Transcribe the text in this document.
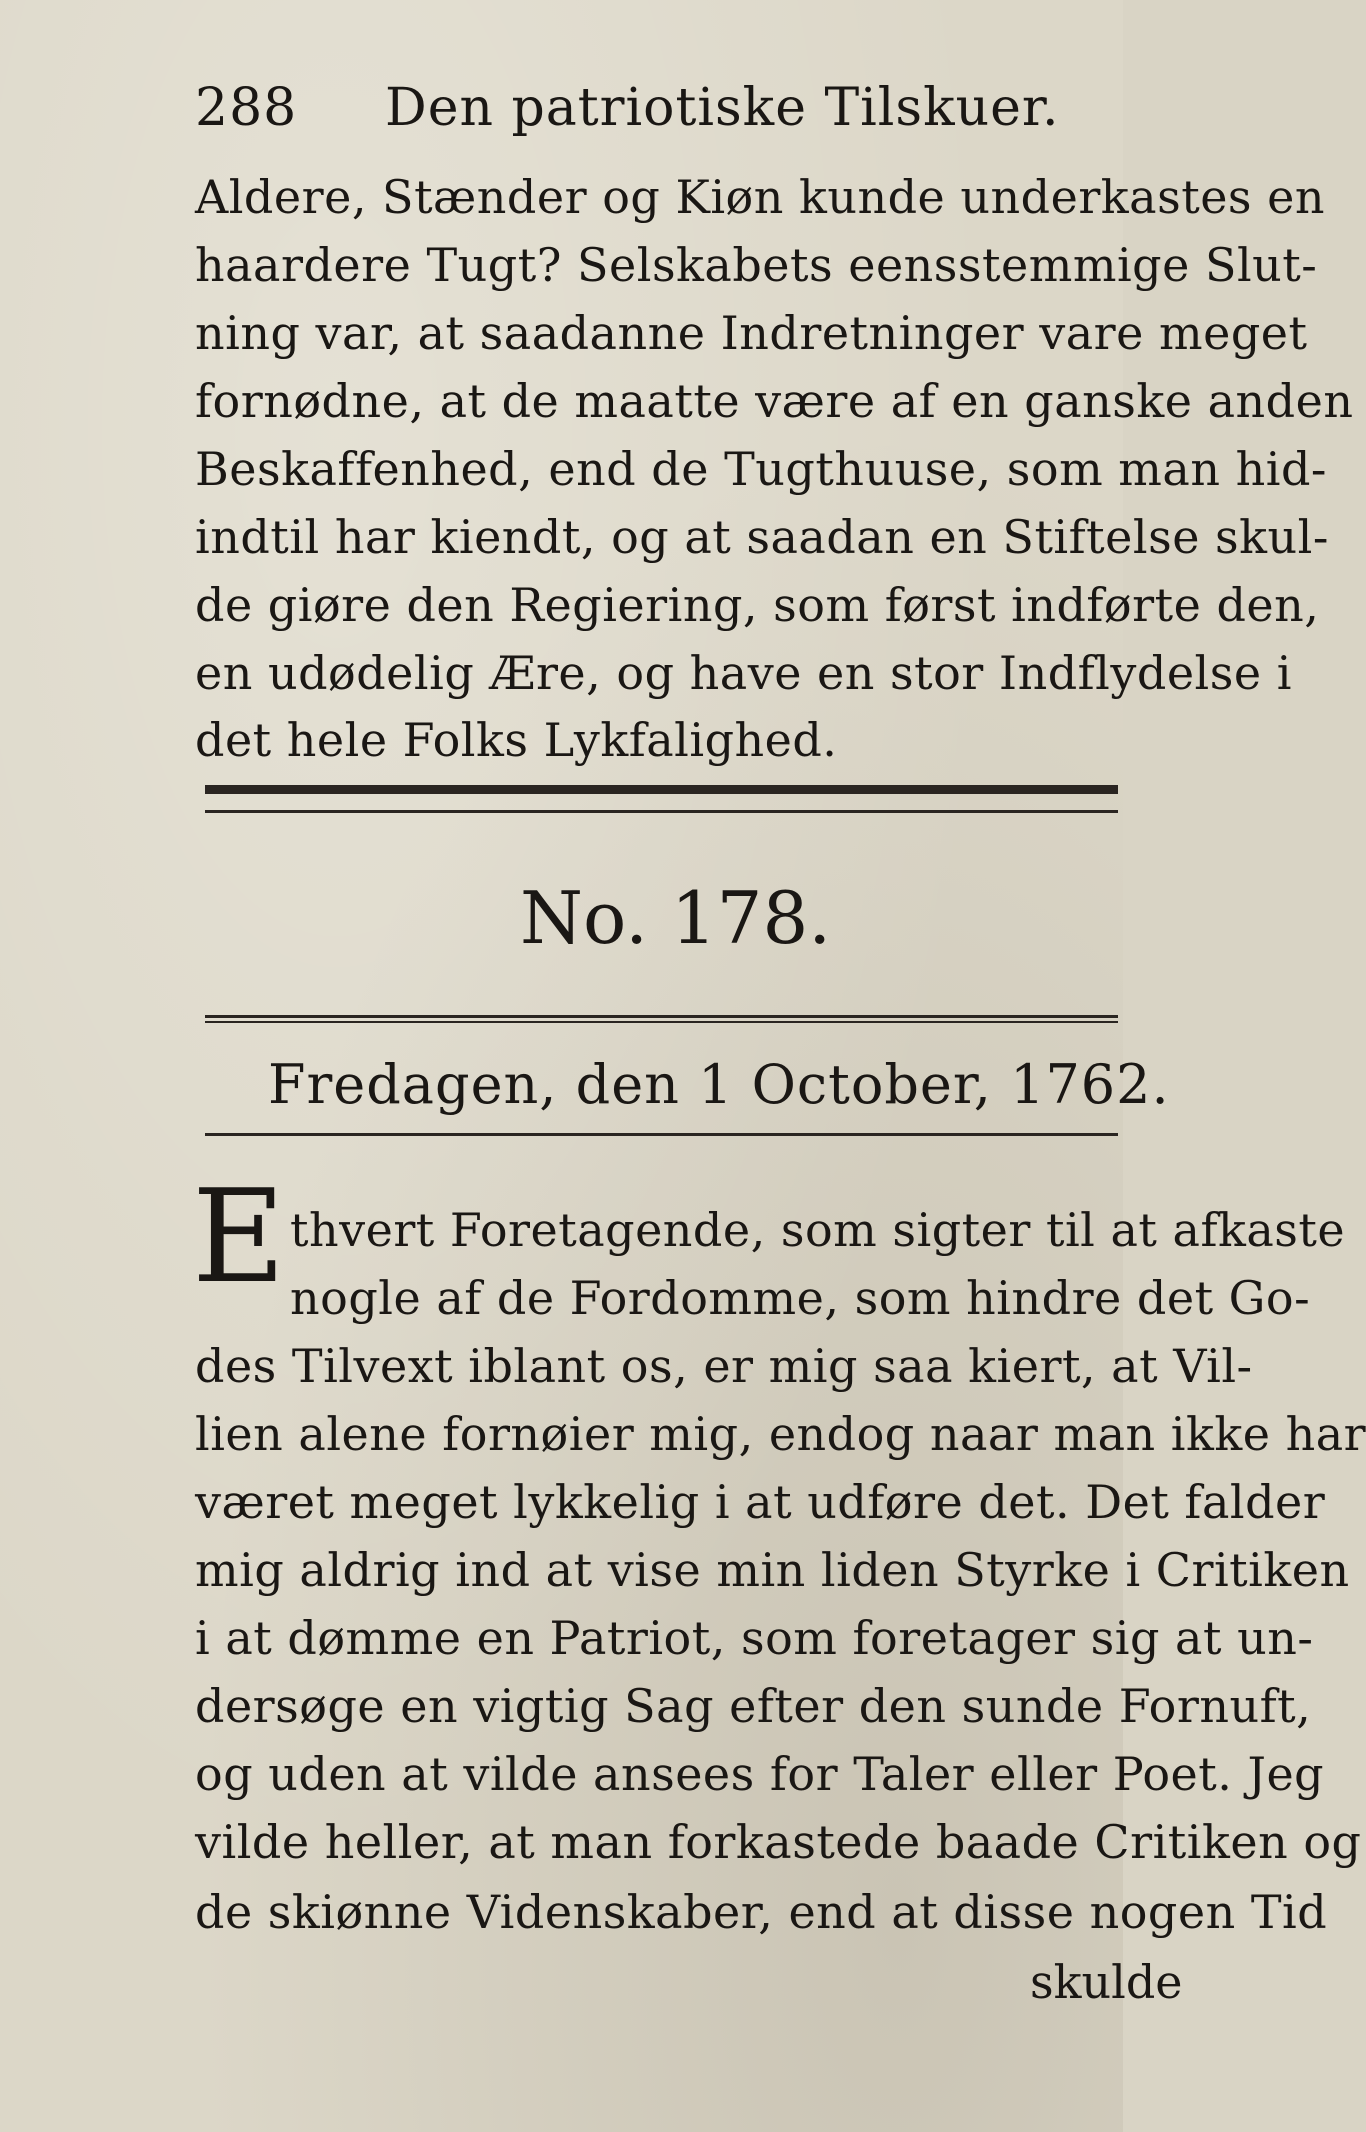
288 Den patriotiske Tilskuer.
Aldere, Stænder og Kiøn kunde underkastes en
haardere Tugt? Selskabets eensstemmige Slut-
ning var, at saadanne Indretninger vare meget
fornødne, at de maatte være af en ganske anden
Beskaffenhed, end de Tugthuuse, som man hid-
indtil har kiendt, og at saadan en Stiftelse skul-
de giøre den Regiering, som først indførte den,
en udødelig Ære, og have en stor Indflydelse i
det hele Folks Lykfalighed.
No. 178.
Fredagen, den 1 October, 1762.
E thvert Foretagende, som sigter til at afkaste
nogle af de Fordomme, som hindre det Go-
des Tilvext iblant os, er mig saa kiert, at Vil-
lien alene fornøier mig, endog naar man ikke har
været meget lykkelig i at udføre det. Det falder
mig aldrig ind at vise min liden Styrke i Critiken
i at dømme en Patriot, som foretager sig at un-
dersøge en vigtig Sag efter den sunde Fornuft,
og uden at vilde ansees for Taler eller Poet. Jeg
vilde heller, at man forkastede baade Critiken og
de skiønne Videnskaber, end at disse nogen Tid
skulde
